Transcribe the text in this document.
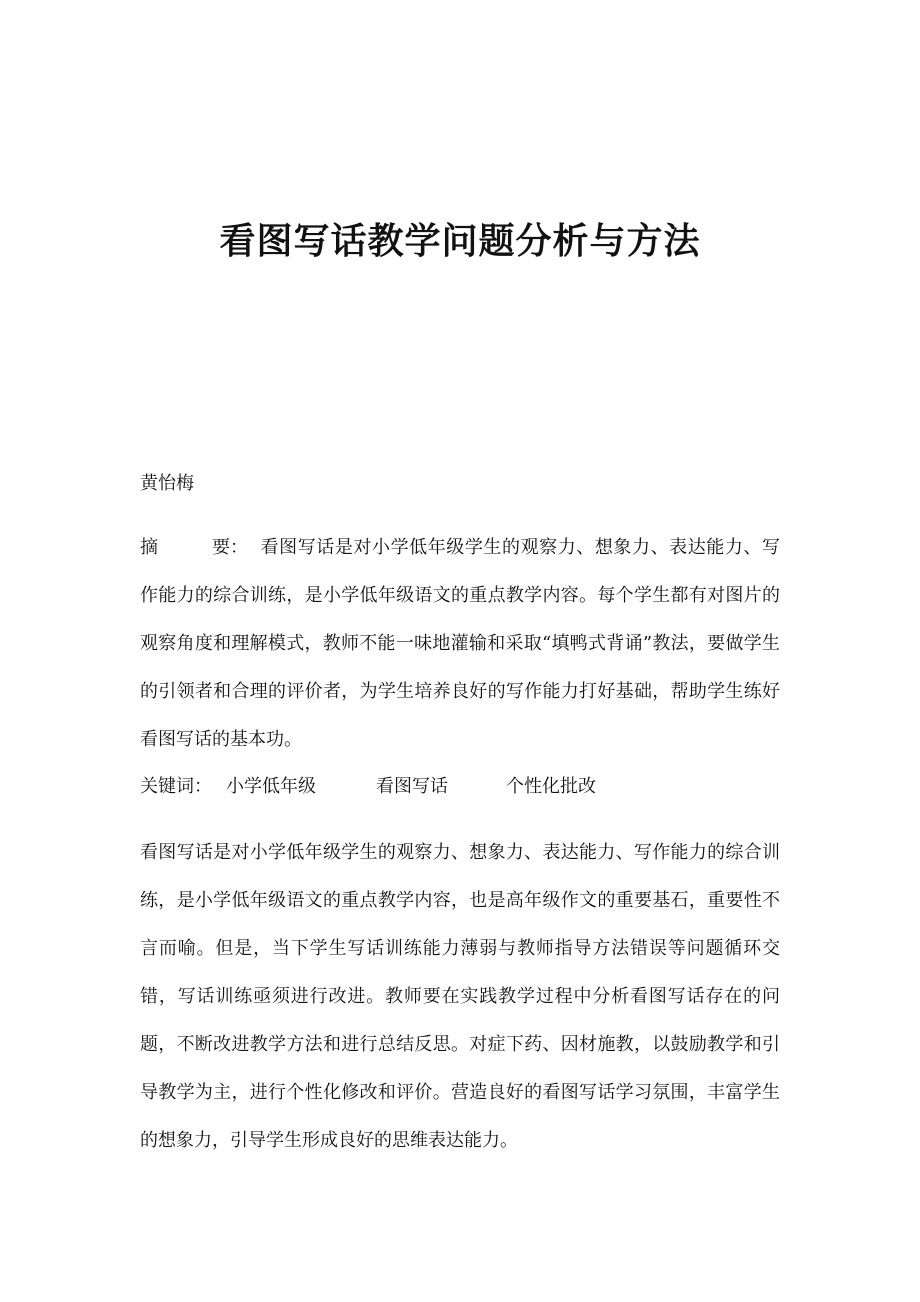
看图写话教学问题分析与方法

黄怡梅

摘　　　要： 看图写话是对小学低年级学生的观察力、想象力、表达能力、写作能力的综合训练，是小学低年级语文的重点教学内容。每个学生都有对图片的观察角度和理解模式，教师不能一味地灌输和采取“填鸭式背诵”教法，要做学生的引领者和合理的评价者，为学生培养良好的写作能力打好基础，帮助学生练好看图写话的基本功。

关键词： 小学低年级	看图写话	个性化批改

看图写话是对小学低年级学生的观察力、想象力、表达能力、写作能力的综合训练，是小学低年级语文的重点教学内容，也是高年级作文的重要基石，重要性不言而喻。但是，当下学生写话训练能力薄弱与教师指导方法错误等问题循环交错，写话训练亟须进行改进。教师要在实践教学过程中分析看图写话存在的问题，不断改进教学方法和进行总结反思。对症下药、因材施教，以鼓励教学和引导教学为主，进行个性化修改和评价。营造良好的看图写话学习氛围，丰富学生的想象力，引导学生形成良好的思维表达能力。
